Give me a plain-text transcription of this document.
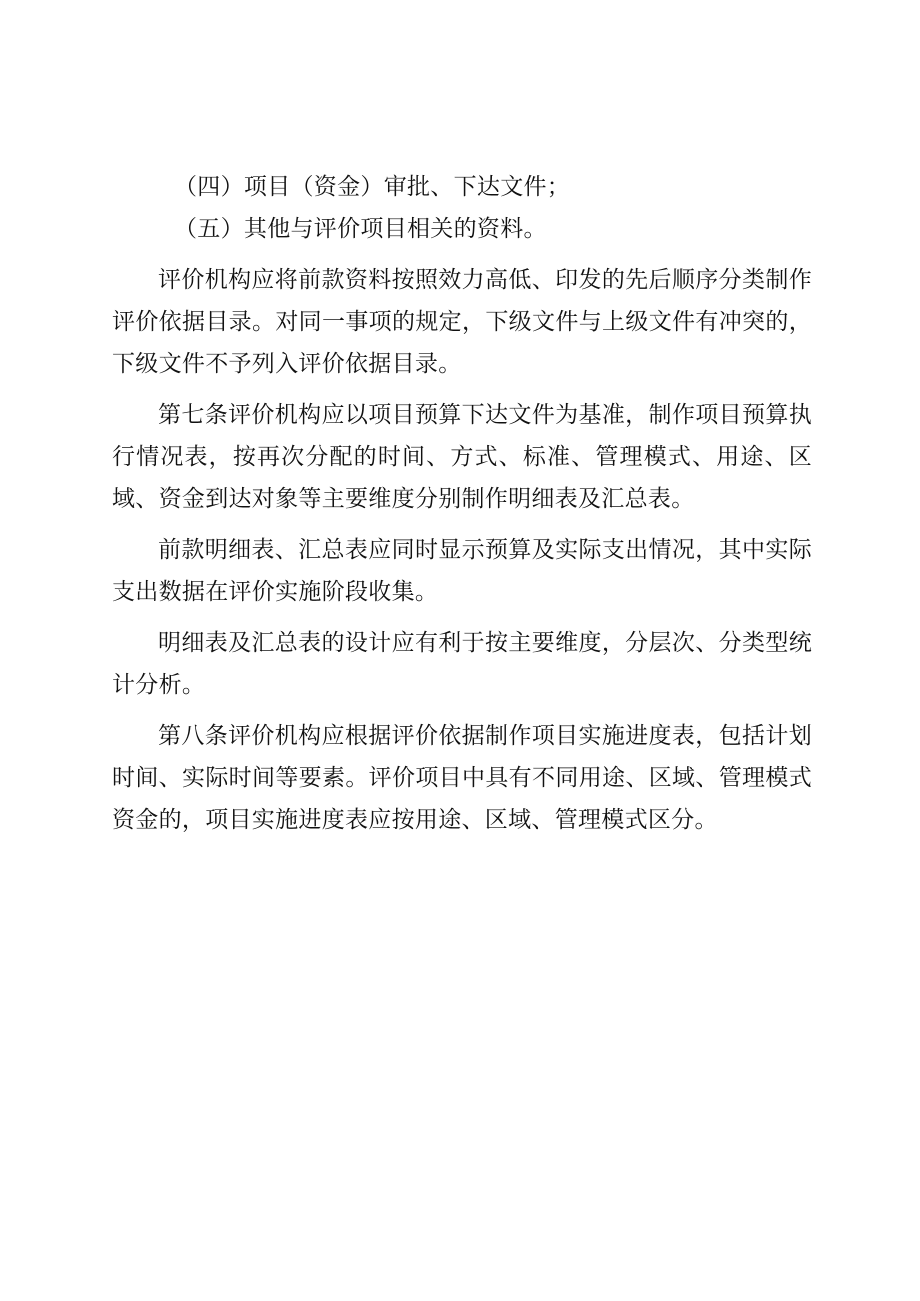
（四）项目（资金）审批、下达文件；

（五）其他与评价项目相关的资料。

评价机构应将前款资料按照效力高低、印发的先后顺序分类制作评价依据目录。对同一事项的规定，下级文件与上级文件有冲突的，下级文件不予列入评价依据目录。

第七条评价机构应以项目预算下达文件为基准，制作项目预算执行情况表，按再次分配的时间、方式、标准、管理模式、用途、区域、资金到达对象等主要维度分别制作明细表及汇总表。

前款明细表、汇总表应同时显示预算及实际支出情况，其中实际支出数据在评价实施阶段收集。

明细表及汇总表的设计应有利于按主要维度，分层次、分类型统计分析。

第八条评价机构应根据评价依据制作项目实施进度表，包括计划时间、实际时间等要素。评价项目中具有不同用途、区域、管理模式资金的，项目实施进度表应按用途、区域、管理模式区分。
